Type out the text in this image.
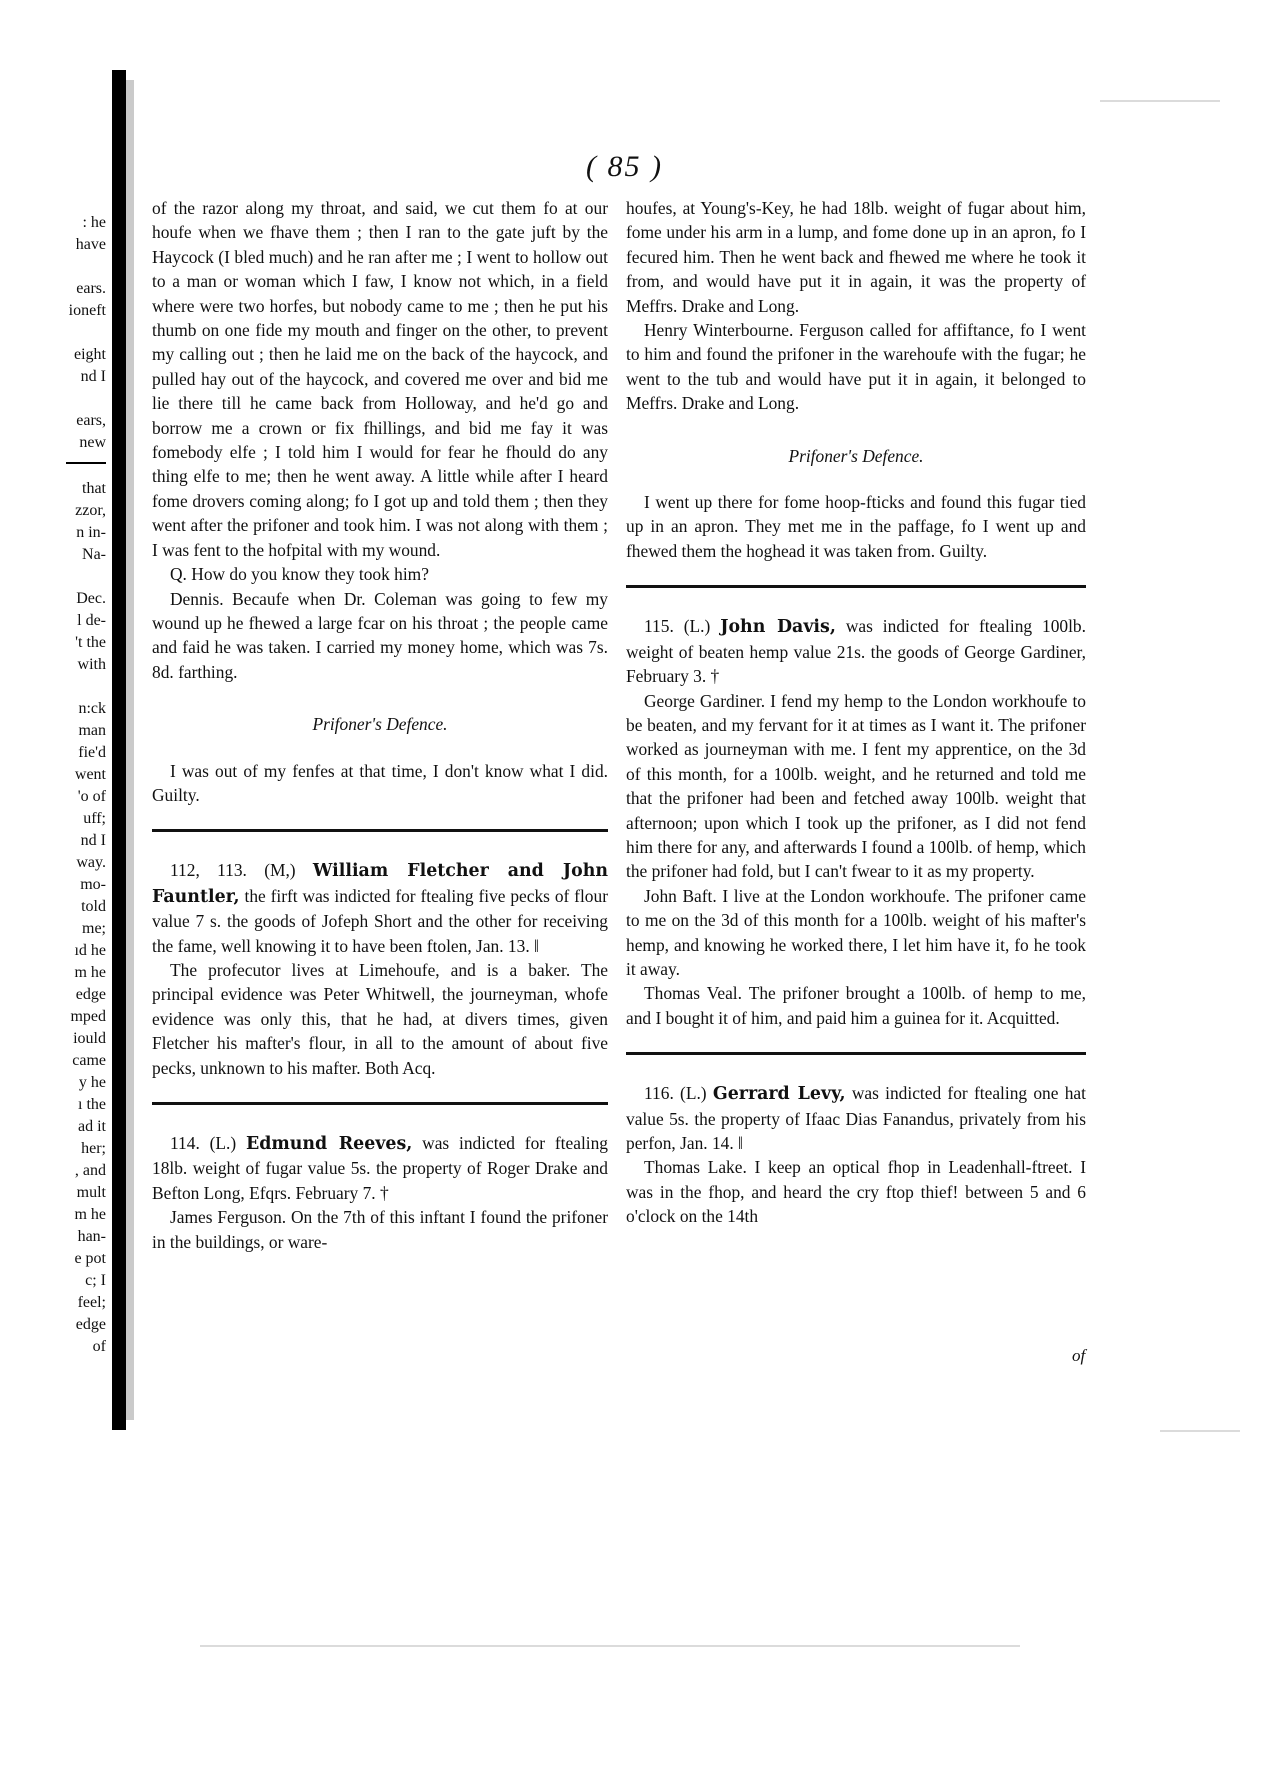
( 85 )
: he
have
ears.
ioneft
eight
nd I
ears,
new
that
zzor,
n in-
Na-
Dec.
l de-
't the
with
n:ck
man
fie'd
went
'o of
uff;
nd I
way.
mo-
told
me;
ıd he
m he
edge
mped
iould
came
y he
ı the
ad it
her;
, and
mult
m he
han-
e pot
c; I
feel;
edge
of

of the razor along my throat, and said, we cut them fo at our houfe when we fhave them ; then I ran to the gate juft by the Haycock (I bled much) and he ran after me ; I went to hollow out to a man or woman which I faw, I know not which, in a field where were two horfes, but nobody came to me ; then he put his thumb on one fide my mouth and finger on the other, to prevent my calling out ; then he laid me on the back of the haycock, and pulled hay out of the haycock, and covered me over and bid me lie there till he came back from Holloway, and he'd go and borrow me a crown or fix fhillings, and bid me fay it was fomebody elfe ; I told him I would for fear he fhould do any thing elfe to me; then he went away. A little while after I heard fome drovers coming along; fo I got up and told them ; then they went after the prifoner and took him. I was not along with them ; I was fent to the hofpital with my wound.

Q. How do you know they took him?

Dennis. Becaufe when Dr. Coleman was going to few my wound up he fhewed a large fcar on his throat ; the people came and faid he was taken. I carried my money home, which was 7s. 8d. farthing.

Prifoner's Defence.

I was out of my fenfes at that time, I don't know what I did. Guilty.

112, 113. (M,) William Fletcher and John Fauntler, the firft was indicted for ftealing five pecks of flour value 7 s. the goods of Jofeph Short and the other for receiving the fame, well knowing it to have been ftolen, Jan. 13. ‖

The profecutor lives at Limehoufe, and is a baker. The principal evidence was Peter Whitwell, the journeyman, whofe evidence was only this, that he had, at divers times, given Fletcher his mafter's flour, in all to the amount of about five pecks, unknown to his mafter. Both Acq.

114. (L.) Edmund Reeves, was indicted for ftealing 18lb. weight of fugar value 5s. the property of Roger Drake and Befton Long, Efqrs. February 7. †

James Ferguson. On the 7th of this inftant I found the prifoner in the buildings, or ware-

houfes, at Young's-Key, he had 18lb. weight of fugar about him, fome under his arm in a lump, and fome done up in an apron, fo I fecured him. Then he went back and fhewed me where he took it from, and would have put it in again, it was the property of Meffrs. Drake and Long.

Henry Winterbourne. Ferguson called for affiftance, fo I went to him and found the prifoner in the warehoufe with the fugar; he went to the tub and would have put it in again, it belonged to Meffrs. Drake and Long.

Prifoner's Defence.

I went up there for fome hoop-fticks and found this fugar tied up in an apron. They met me in the paffage, fo I went up and fhewed them the hoghead it was taken from. Guilty.

115. (L.) John Davis, was indicted for ftealing 100lb. weight of beaten hemp value 21s. the goods of George Gardiner, February 3. †

George Gardiner. I fend my hemp to the London workhoufe to be beaten, and my fervant for it at times as I want it. The prifoner worked as journeyman with me. I fent my apprentice, on the 3d of this month, for a 100lb. weight, and he returned and told me that the prifoner had been and fetched away 100lb. weight that afternoon; upon which I took up the prifoner, as I did not fend him there for any, and afterwards I found a 100lb. of hemp, which the prifoner had fold, but I can't fwear to it as my property.

John Baft. I live at the London workhoufe. The prifoner came to me on the 3d of this month for a 100lb. weight of his mafter's hemp, and knowing he worked there, I let him have it, fo he took it away.

Thomas Veal. The prifoner brought a 100lb. of hemp to me, and I bought it of him, and paid him a guinea for it. Acquitted.

116. (L.) Gerrard Levy, was indicted for ftealing one hat value 5s. the property of Ifaac Dias Fanandus, privately from his perfon, Jan. 14. ‖

Thomas Lake. I keep an optical fhop in Leadenhall-ftreet. I was in the fhop, and heard the cry ftop thief! between 5 and 6 o'clock on the 14th

of
